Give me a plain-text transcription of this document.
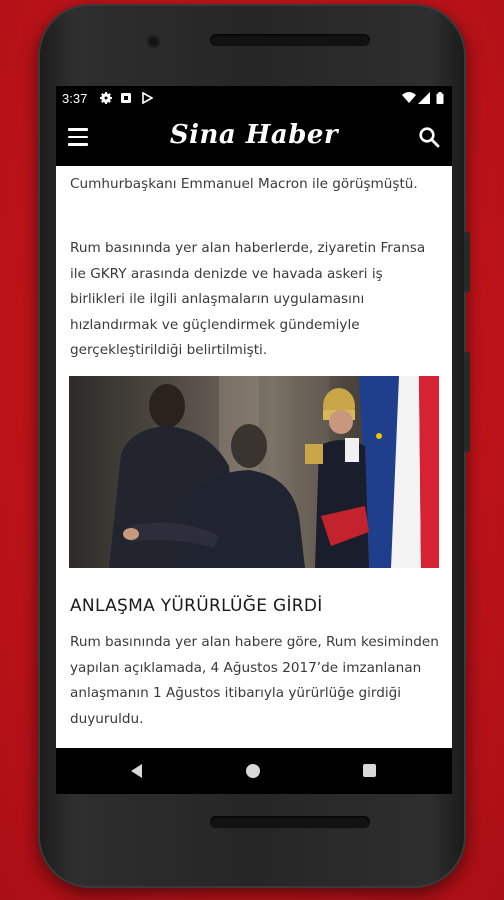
3:37
Sina Haber
Cumhurbaşkanı Emmanuel Macron ile görüşmüştü.
Rum basınında yer alan haberlerde, ziyaretin Fransa ile GKRY arasında denizde ve havada askeri iş birlikleri ile ilgili anlaşmaların uygulamasını hızlandırmak ve güçlendirmek gündemiyle gerçekleştirildiği belirtilmişti.
ANLAŞMA YÜRÜRLÜĞE GİRDİ
Rum basınında yer alan habere göre, Rum kesiminden yapılan açıklamada, 4 Ağustos 2017’de imzanlanan anlaşmanın 1 Ağustos itibarıyla yürürlüğe girdiği duyuruldu.
